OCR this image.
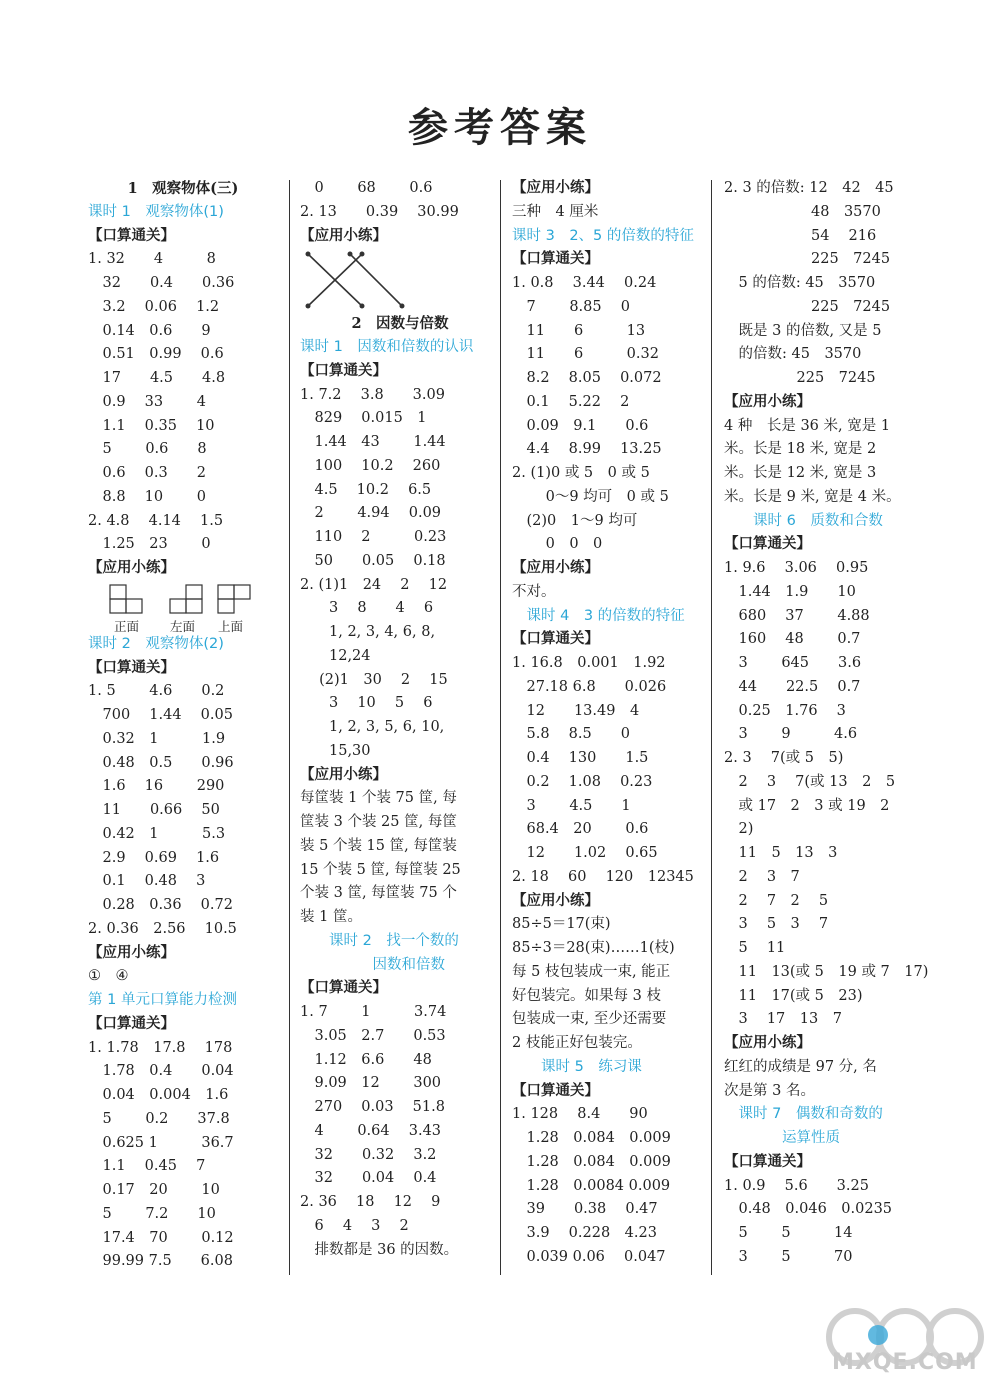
参考答案
1　观察物体(三)
课时 1　观察物体(1)
【口算通关】
1. 32　　4　　　8
　32　　0.4　　0.36
　3.2　 0.06　 1.2
　0.14　0.6　　9
　0.51　0.99　 0.6
　17　　4.5　　4.8
　0.9　 33　　 4
　1.1　 0.35　 10
　5　　 0.6　　8
　0.6　 0.3　　2
　8.8　 10　　 0
2. 4.8　 4.14　 1.5
　1.25　23　　 0
【应用小练】
正面 左面 上面
课时 2　观察物体(2)
【口算通关】
1. 5　　 4.6　　0.2
　700　 1.44　 0.05
　0.32　1　　　1.9
　0.48　0.5　　0.96
　1.6　 16　　 290
　11　　0.66　 50
　0.42　1　　　5.3
　2.9　 0.69　 1.6
　0.1　 0.48　 3
　0.28　0.36　 0.72
2. 0.36　2.56　 10.5
【应用小练】
①　④
第 1 单元口算能力检测
【口算通关】
1. 1.78　17.8　 178
　1.78　0.4　　0.04
　0.04　0.004　1.6
　5　　 0.2　　37.8
　0.625 1　　　36.7
　1.1　 0.45　 7
　0.17　20　　 10
　5　　 7.2　　10
　17.4　70　　 0.12
　99.99 7.5　　6.08
　0　　 68　　 0.6
2. 13　　0.39　 30.99
【应用小练】
2　因数与倍数
课时 1　因数和倍数的认识
【口算通关】
1. 7.2　 3.8　　3.09
　829　 0.015　1
　1.44　43　　 1.44
　100　 10.2　 260
　4.5　 10.2　 6.5
　2　　 4.94　 0.09
　110　 2　　　0.23
　50　　0.05　 0.18
2. (1)1　24　 2　 12
　　3　 8　　4　 6
　　1, 2, 3, 4, 6, 8,
　　12,24
　 (2)1　30　 2　 15
　　3　 10　 5　 6
　　1, 2, 3, 5, 6, 10,
　　15,30
【应用小练】
每筐装 1 个装 75 筐, 每
筐装 3 个装 25 筐, 每筐
装 5 个装 15 筐, 每筐装
15 个装 5 筐, 每筐装 25
个装 3 筐, 每筐装 75 个
装 1 筐。
　　课时 2　找一个数的
　　　　　因数和倍数
【口算通关】
1. 7　　 1　　　3.74
　3.05　2.7　　0.53
　1.12　6.6　　48
　9.09　12　　 300
　270　 0.03　 51.8
　4　　 0.64　 3.43
　32　　0.32　 3.2
　32　　0.04　 0.4
2. 36　 18　 12　 9
　6　 4　 3　 2
　排数都是 36 的因数。
【应用小练】
三种　4 厘米
课时 3　2、5 的倍数的特征
【口算通关】
1. 0.8　 3.44　 0.24
　7　　 8.85　 0
　11　　6　　　13
　11　　6　　　0.32
　8.2　 8.05　 0.072
　0.1　 5.22　 2
　0.09　9.1　　0.6
　4.4　 8.99　 13.25
2. (1)0 或 5　0 或 5
　　 0～9 均可　0 或 5
　(2)0　1～9 均可
　　 0　0　0
【应用小练】
不对。
　课时 4　3 的倍数的特征
【口算通关】
1. 16.8　0.001　1.92
　27.18 6.8　　0.026
　12　　13.49　4
　5.8　 8.5　　0
　0.4　 130　　1.5
　0.2　 1.08　 0.23
　3　　 4.5　　1
　68.4　20　　 0.6
　12　　1.02　 0.65
2. 18　 60　 120　12345
【应用小练】
85÷5＝17(束)
85÷3＝28(束)……1(枝)
每 5 枝包装成一束, 能正
好包装完。如果每 3 枝
包装成一束, 至少还需要
2 枝能正好包装完。
　　课时 5　练习课
【口算通关】
1. 128　 8.4　　90
　1.28　0.084　0.009
　1.28　0.084　0.009
　1.28　0.0084 0.009
　39　　0.38　 0.47
　3.9　 0.228　4.23
　0.039 0.06　 0.047
2. 3 的倍数: 12　42　45
　　　　　　48　3570
　　　　　　54　 216
　　　　　　225　7245
　5 的倍数: 45　3570
　　　　　　225　7245
　既是 3 的倍数, 又是 5
　的倍数: 45　3570
　　　　　225　7245
【应用小练】
4 种　长是 36 米, 宽是 1
米。长是 18 米, 宽是 2
米。长是 12 米, 宽是 3
米。长是 9 米, 宽是 4 米。
　　课时 6　质数和合数
【口算通关】
1. 9.6　 3.06　 0.95
　1.44　1.9　　10
　680　 37　　 4.88
　160　 48　　 0.7
　3　　 645　　3.6
　44　　22.5　 0.7
　0.25　1.76　 3
　3　　 9　　　4.6
2. 3　 7(或 5　5)
　2　 3　 7(或 13　2　5
　或 17　2　3 或 19　2
　2)
　11　5　13　3
　2　 3　7
　2　 7　2　 5
　3　 5　3　 7
　5　 11
　11　13(或 5　19 或 7　17)
　11　17(或 5　23)
　3　 17　13　7
【应用小练】
红红的成绩是 97 分, 名
次是第 3 名。
　课时 7　偶数和奇数的
　　　　运算性质
【口算通关】
1. 0.9　 5.6　　3.25
　0.48　0.046　0.0235
　5　　 5　　　14
　3　　 5　　　70
MXQE.COM
